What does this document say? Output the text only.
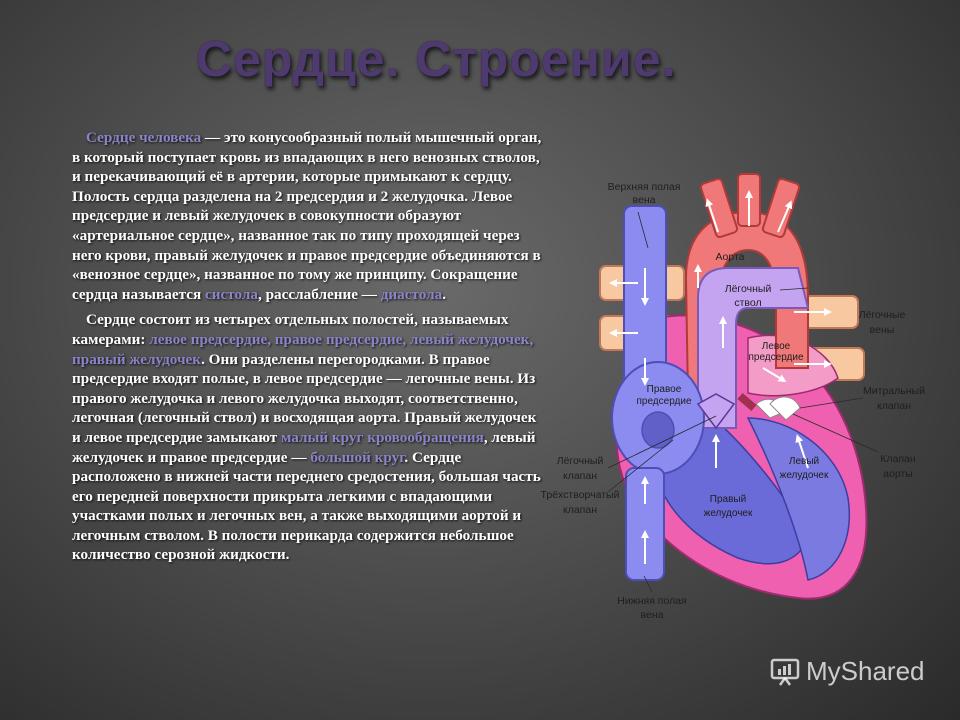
Сердце. Строение.

Сердце человека — это конусообразный полый мышечный орган, в который поступает кровь из впадающих в него венозных стволов, и перекачивающий её в артерии, которые примыкают к сердцу. Полость сердца разделена на 2 предсердия и 2 желудочка. Левое предсердие и левый желудочек в совокупности образуют «артериальное сердце», названное так по типу проходящей через него крови, правый желудочек и правое предсердие объединяются в «венозное сердце», названное по тому же принципу. Сокращение сердца называется систола, расслабление — диастола.

Сердце состоит из четырех отдельных полостей, называемых камерами: левое предсердие, правое предсердие, левый желудочек, правый желудочек. Они разделены перегородками. В правое предсердие входят полые, в левое предсердие — легочные вены. Из правого желудочка и левого желудочка выходят, соответственно, легочная (легочный ствол) и восходящая аорта. Правый желудочек и левое предсердие замыкают малый круг кровообращения, левый желудочек и правое предсердие — большой круг. Сердце расположено в нижней части переднего средостения, большая часть его передней поверхности прикрыта легкими с впадающими участками полых и легочных вен, а также выходящими аортой и легочным стволом. В полости перикарда содержится небольшое количество серозной жидкости.

Верхняя полая
вена
Аорта
Лёгочный
ствол
Лёгочные
вены
Левое
предсердие
Правое
предсердие
Митральный
клапан
Лёгочный
клапан
Трёхстворчатый
клапан
Левый
желудочек
Клапан
аорты
Правый
желудочек
Нижняя полая
вена
MyShared
